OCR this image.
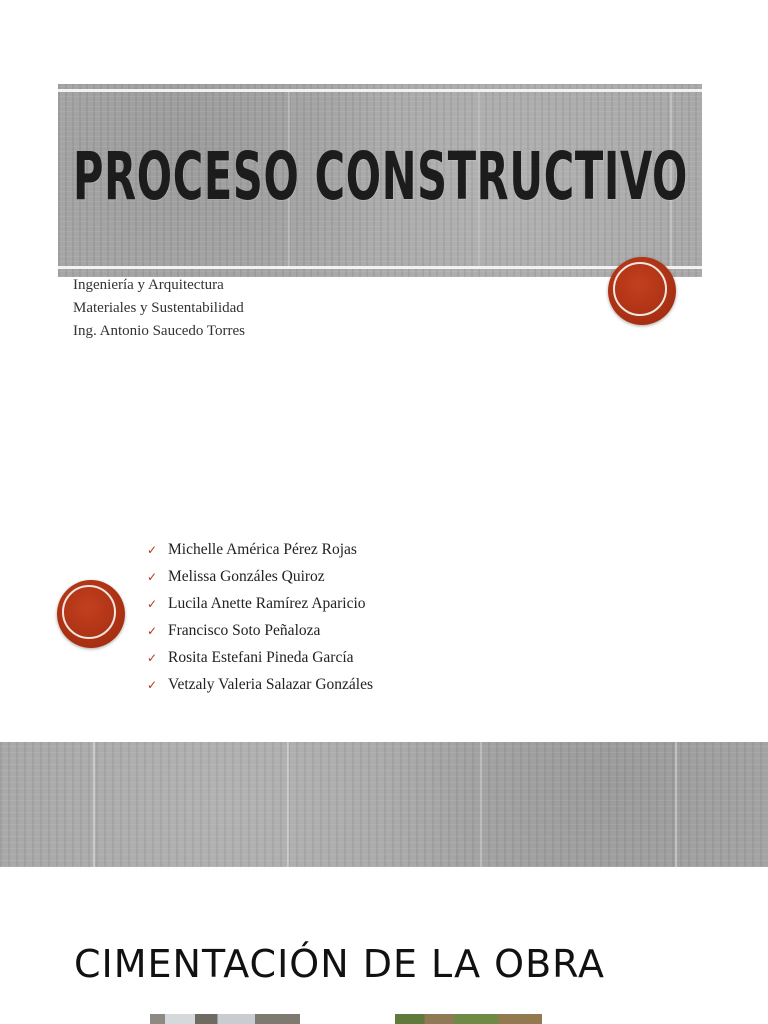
PROCESO CONSTRUCTIVO
Ingeniería y Arquitectura
Materiales y Sustentabilidad
Ing. Antonio Saucedo Torres
✓ Michelle América Pérez Rojas
✓ Melissa Gonzáles Quiroz
✓ Lucila Anette Ramírez Aparicio
✓ Francisco Soto Peñaloza
✓ Rosita Estefani Pineda García
✓ Vetzaly Valeria Salazar Gonzáles
CIMENTACIÓN DE LA OBRA
